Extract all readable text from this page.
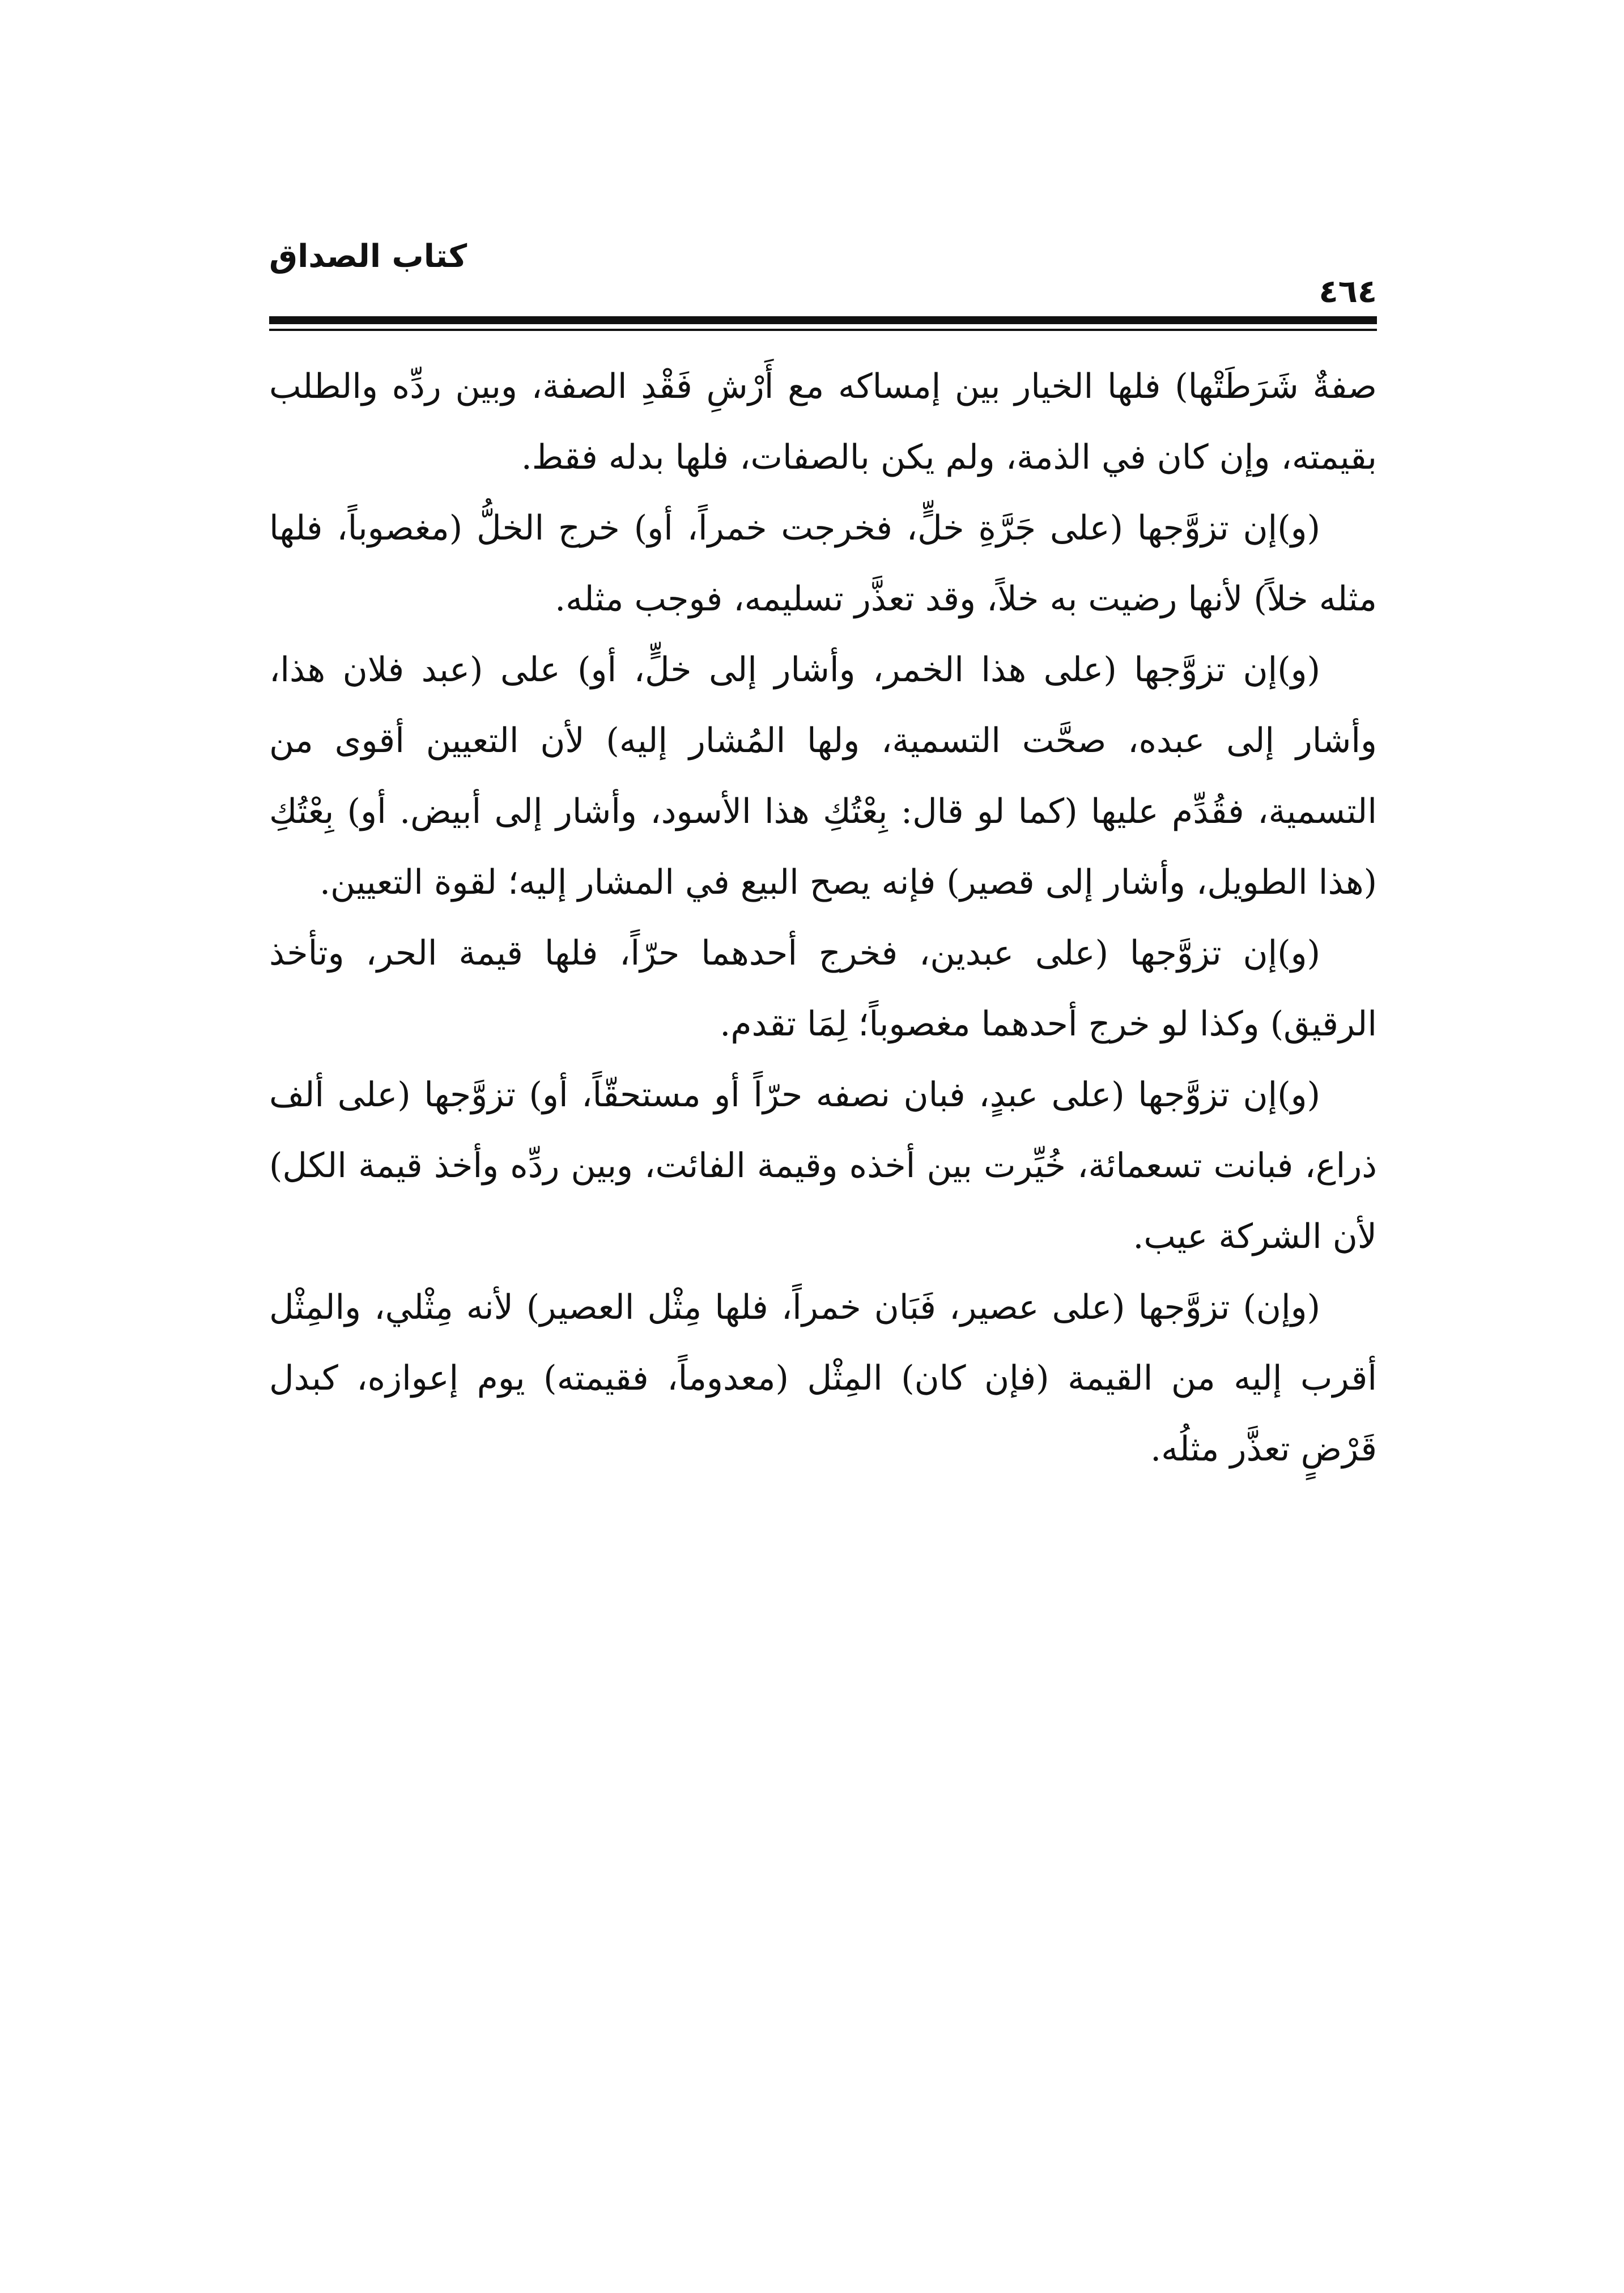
كتاب الصداق
٤٦٤

صفةٌ شَرَطَتْها) فلها الخيار بين إمساكه مع أَرْشِ فَقْدِ الصفة، وبين ردِّه والطلب بقيمته، وإن كان في الذمة، ولم يكن بالصفات، فلها بدله فقط.

(و)إن تزوَّجها (على جَرَّةِ خلٍّ، فخرجت خمراً، أو) خرج الخلُّ (مغصوباً، فلها مثله خلاً) لأنها رضيت به خلاً، وقد تعذَّر تسليمه، فوجب مثله.

(و)إن تزوَّجها (على هذا الخمر، وأشار إلى خلٍّ، أو) على (عبد فلان هذا، وأشار إلى عبده، صحَّت التسمية، ولها المُشار إليه) لأن التعيين أقوى من التسمية، فقُدِّم عليها (كما لو قال: بِعْتُكِ هذا الأسود، وأشار إلى أبيض. أو) بِعْتُكِ (هذا الطويل، وأشار إلى قصير) فإنه يصح البيع في المشار إليه؛ لقوة التعيين.

(و)إن تزوَّجها (على عبدين، فخرج أحدهما حرّاً، فلها قيمة الحر، وتأخذ الرقيق) وكذا لو خرج أحدهما مغصوباً؛ لِمَا تقدم.

(و)إن تزوَّجها (على عبدٍ، فبان نصفه حرّاً أو مستحقّاً، أو) تزوَّجها (على ألف ذراع، فبانت تسعمائة، خُيِّرت بين أخذه وقيمة الفائت، وبين ردِّه وأخذ قيمة الكل) لأن الشركة عيب.

(وإن) تزوَّجها (على عصير، فَبَان خمراً، فلها مِثْل العصير) لأنه مِثْلي، والمِثْل أقرب إليه من القيمة (فإن كان) المِثْل (معدوماً، فقيمته) يوم إعوازه، كبدل قَرْضٍ تعذَّر مثلُه.
